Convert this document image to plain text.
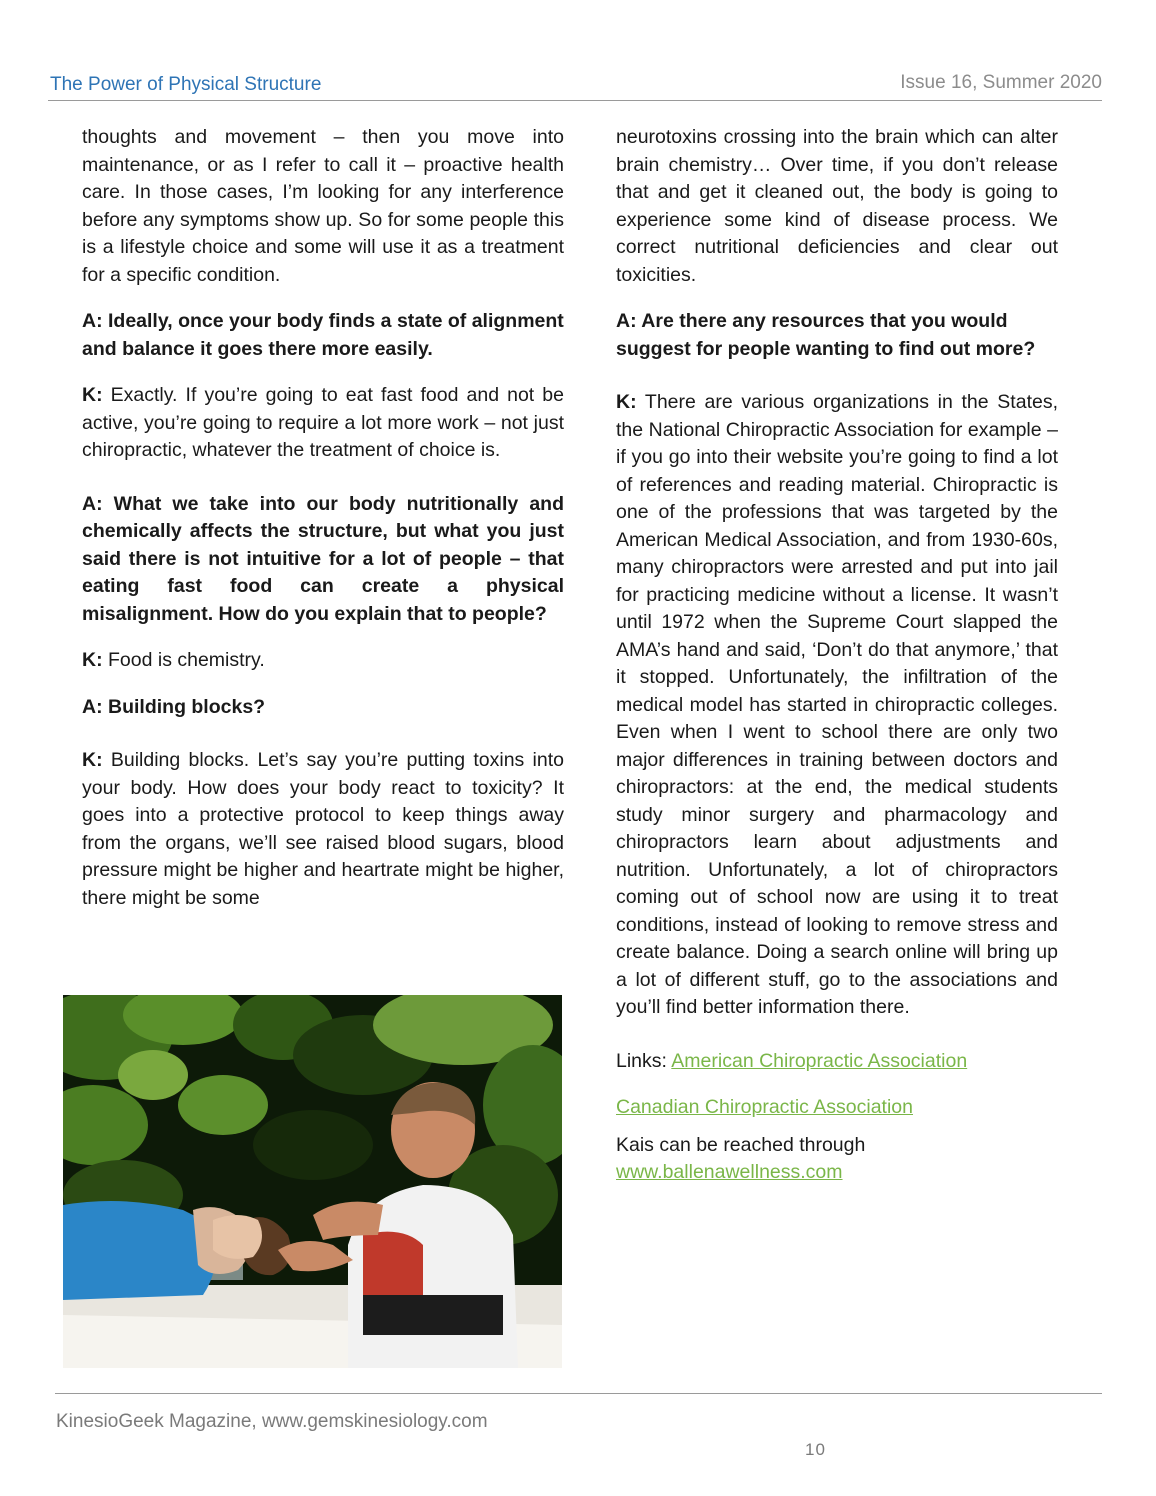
The Power of Physical Structure	Issue 16, Summer 2020

thoughts and movement – then you move into maintenance, or as I refer to call it – proactive health care. In those cases, I’m looking for any interference before any symptoms show up. So for some people this is a lifestyle choice and some will use it as a treatment for a specific condition.

A: Ideally, once your body finds a state of alignment and balance it goes there more easily.

K: Exactly. If you’re going to eat fast food and not be active, you’re going to require a lot more work – not just chiropractic, whatever the treatment of choice is.

A: What we take into our body nutritionally and chemically affects the structure, but what you just said there is not intuitive for a lot of people – that eating fast food can create a physical misalignment. How do you explain that to people?

K: Food is chemistry.

A: Building blocks?

K: Building blocks. Let’s say you’re putting toxins into your body. How does your body react to toxicity? It goes into a protective protocol to keep things away from the organs, we’ll see raised blood sugars, blood pressure might be higher and heartrate might be higher, there might be some

neurotoxins crossing into the brain which can alter brain chemistry… Over time, if you don’t release that and get it cleaned out, the body is going to experience some kind of disease process. We correct nutritional deficiencies and clear out toxicities.

A: Are there any resources that you would suggest for people wanting to find out more?

K: There are various organizations in the States, the National Chiropractic Association for example – if you go into their website you’re going to find a lot of references and reading material. Chiropractic is one of the professions that was targeted by the American Medical Association, and from 1930-60s, many chiropractors were arrested and put into jail for practicing medicine without a license. It wasn’t until 1972 when the Supreme Court slapped the AMA’s hand and said, ‘Don’t do that anymore,’ that it stopped. Unfortunately, the infiltration of the medical model has started in chiropractic colleges. Even when I went to school there are only two major differences in training between doctors and chiropractors: at the end, the medical students study minor surgery and pharmacology and chiropractors learn about adjustments and nutrition. Unfortunately, a lot of chiropractors coming out of school now are using it to treat conditions, instead of looking to remove stress and create balance. Doing a search online will bring up a lot of different stuff, go to the associations and you’ll find better information there.

Links: American Chiropractic Association

Canadian Chiropractic Association

Kais can be reached through
www.ballenawellness.com

KinesioGeek Magazine, www.gemskinesiology.com
10
